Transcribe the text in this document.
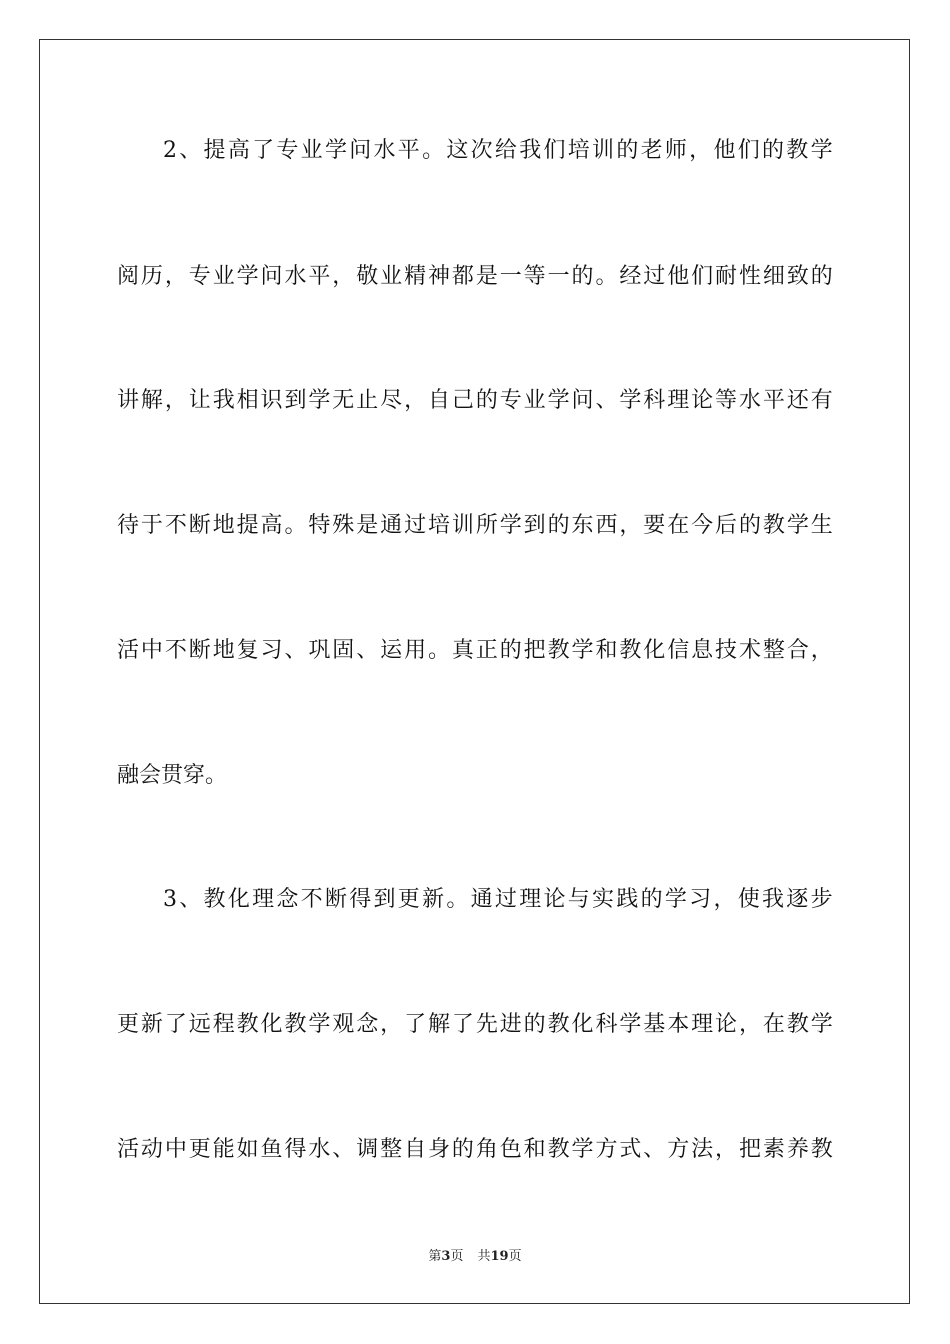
2 、 提 高 了 专 业 学 问 水 平 。 这 次 给 我 们 培 训 的 老 师 ， 他 们 的 教 学
阅 历 ， 专 业 学 问 水 平 ， 敬 业 精 神 都 是 一 等 一 的 。 经 过 他 们 耐 性 细 致 的
讲 解 ， 让 我 相 识 到 学 无 止 尽 ， 自 己 的 专 业 学 问 、 学 科 理 论 等 水 平 还 有
待 于 不 断 地 提 高 。 特 殊 是 通 过 培 训 所 学 到 的 东 西 ， 要 在 今 后 的 教 学 生
活 中 不 断 地 复 习 、 巩 固 、 运 用 。 真 正 的 把 教 学 和 教 化 信 息 技 术 整 合 ，
融会贯穿。
3 、 教 化 理 念 不 断 得 到 更 新 。 通 过 理 论 与 实 践 的 学 习 ， 使 我 逐 步
更 新 了 远 程 教 化 教 学 观 念 ， 了 解 了 先 进 的 教 化 科 学 基 本 理 论 ， 在 教 学
活 动 中 更 能 如 鱼 得 水 、 调 整 自 身 的 角 色 和 教 学 方 式 、 方 法 ， 把 素 养 教
第3页 共19页
